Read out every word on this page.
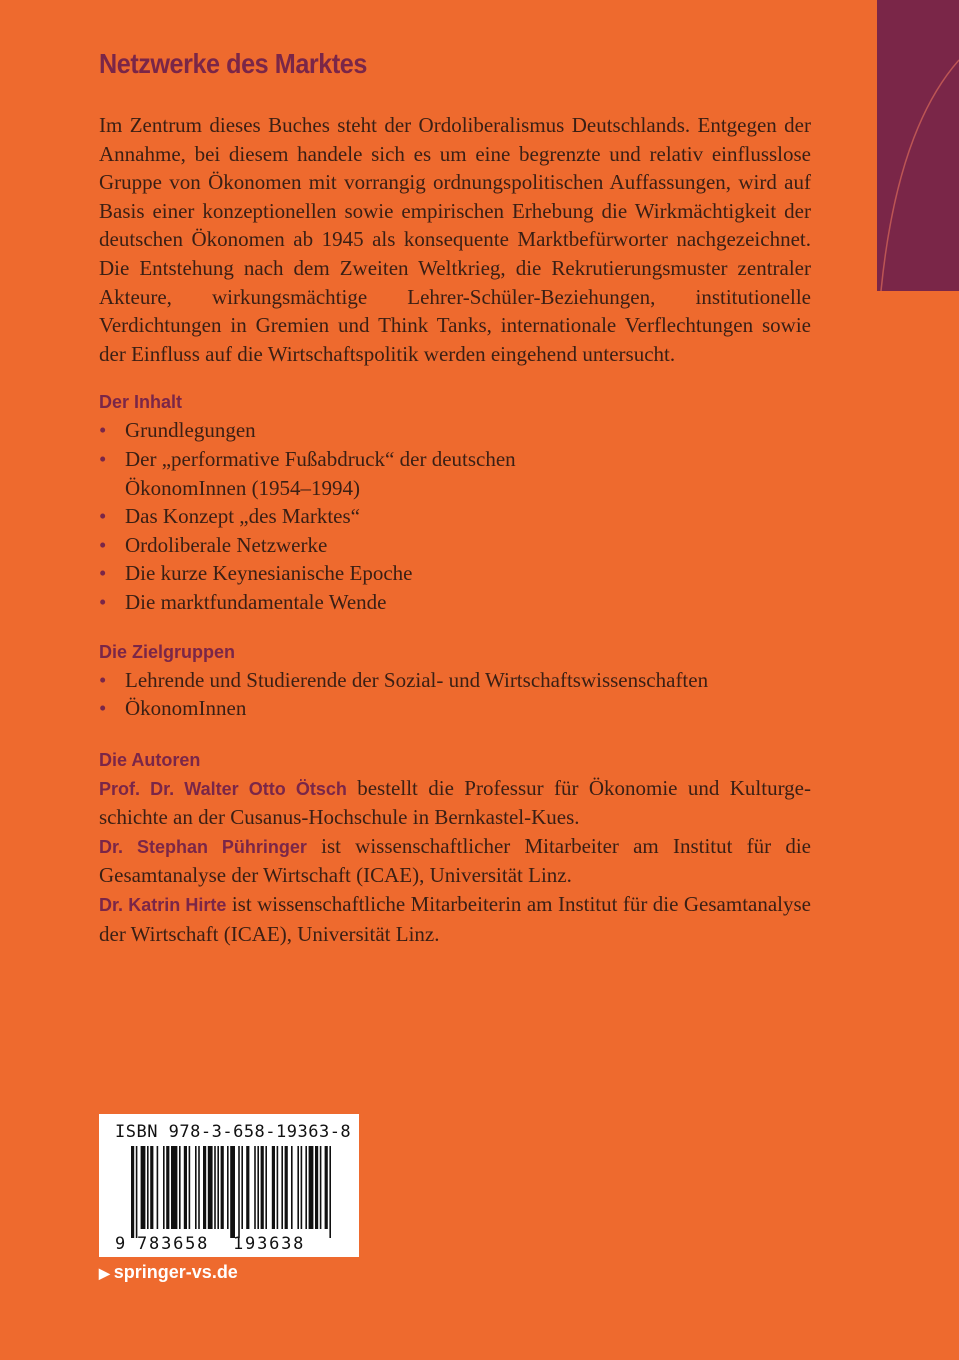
Netzwerke des Marktes

Im Zentrum dieses Buches steht der Ordoliberalismus Deutschlands. Entgegen der Annahme, bei diesem handele sich es um eine begrenzte und relativ einflusslose Gruppe von Ökonomen mit vorrangig ordnungspolitischen Auffassungen, wird auf Basis einer konzeptionellen sowie empirischen Erhebung die Wirkmächtigkeit der deutschen Ökonomen ab 1945 als konsequente Marktbefürworter nachgezeichnet. Die Entstehung nach dem Zweiten Weltkrieg, die Rekrutierungsmuster zentraler Akteure, wirkungsmächtige Lehrer-Schüler-Beziehungen, institutionelle Verdichtungen in Gremien und Think Tanks, internationale Verflechtungen sowie der Einfluss auf die Wirtschaftspolitik werden eingehend untersucht.

Der Inhalt
• Grundlegungen
• Der „performative Fußabdruck“ der deutschen ÖkonomInnen (1954–1994)
• Das Konzept „des Marktes“
• Ordoliberale Netzwerke
• Die kurze Keynesianische Epoche
• Die marktfundamentale Wende
Die Zielgruppen
• Lehrende und Studierende der Sozial- und Wirtschaftswissenschaften
• ÖkonomInnen
Die Autoren

Prof. Dr. Walter Otto Ötsch bestellt die Professur für Ökonomie und Kulturgeschichte an der Cusanus-Hochschule in Bernkastel-Kues.

Dr. Stephan Pühringer ist wissenschaftlicher Mitarbeiter am Institut für die Gesamtanalyse der Wirtschaft (ICAE), Universität Linz.

Dr. Katrin Hirte ist wissenschaftliche Mitarbeiterin am Institut für die Gesamtanalyse der Wirtschaft (ICAE), Universität Linz.

ISBN 978-3-658-19363-8
9 783658 193638
▶ springer-vs.de
